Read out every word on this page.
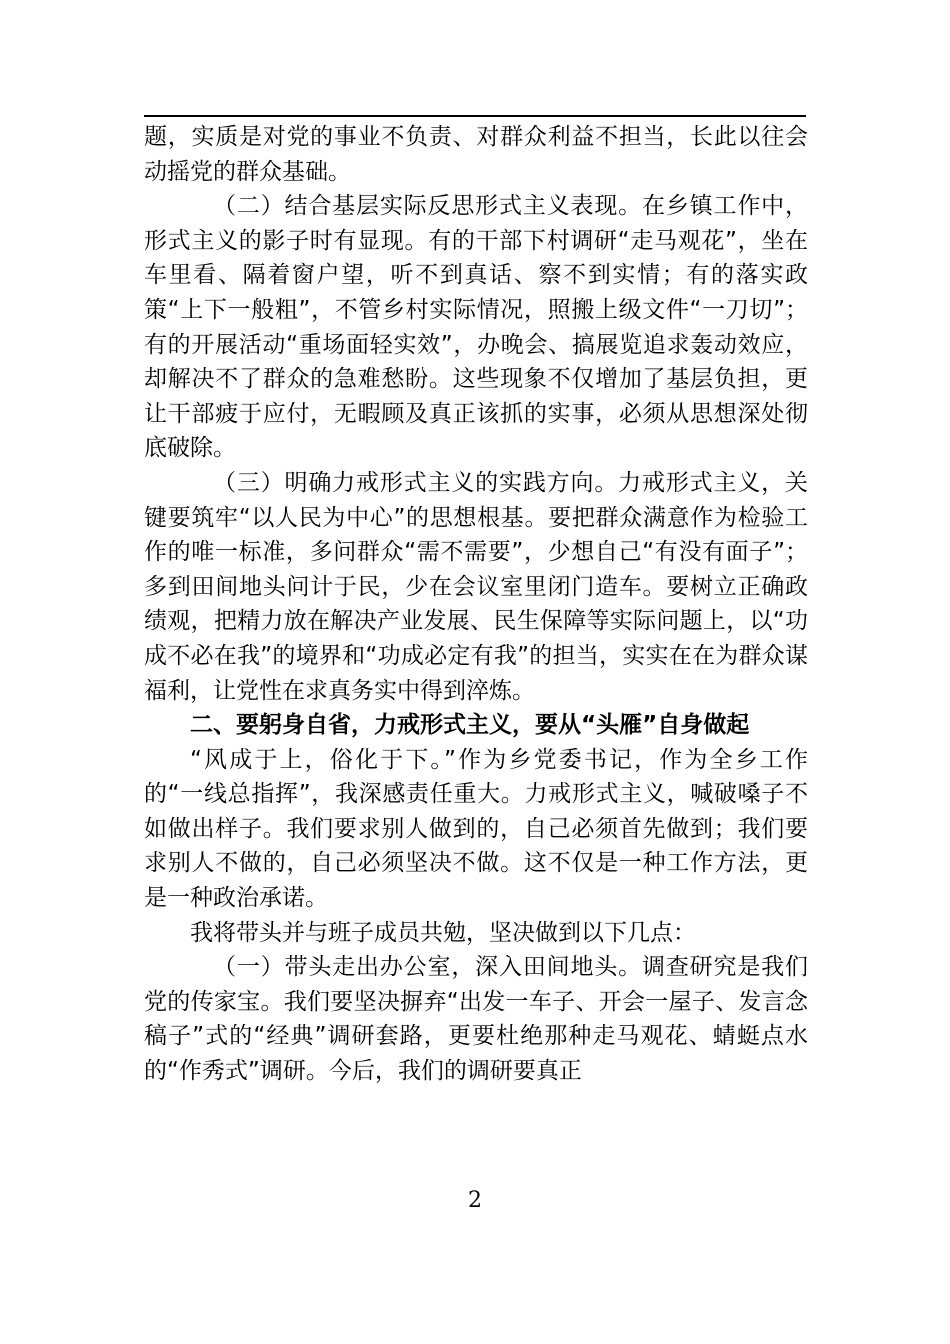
题，实质是对党的事业不负责、对群众利益不担当，长此以往会动摇党的群众基础。

（二）结合基层实际反思形式主义表现。在乡镇工作中，形式主义的影子时有显现。有的干部下村调研“走马观花”，坐在车里看、隔着窗户望，听不到真话、察不到实情；有的落实政策“上下一般粗”，不管乡村实际情况，照搬上级文件“一刀切”；有的开展活动“重场面轻实效”，办晚会、搞展览追求轰动效应，却解决不了群众的急难愁盼。这些现象不仅增加了基层负担，更让干部疲于应付，无暇顾及真正该抓的实事，必须从思想深处彻底破除。

（三）明确力戒形式主义的实践方向。力戒形式主义，关键要筑牢“以人民为中心”的思想根基。要把群众满意作为检验工作的唯一标准，多问群众“需不需要”，少想自己“有没有面子”；多到田间地头问计于民，少在会议室里闭门造车。要树立正确政绩观，把精力放在解决产业发展、民生保障等实际问题上，以“功成不必在我”的境界和“功成必定有我”的担当，实实在在为群众谋福利，让党性在求真务实中得到淬炼。

二、要躬身自省，力戒形式主义，要从“头雁”自身做起

“风成于上，俗化于下。”作为乡党委书记，作为全乡工作的“一线总指挥”，我深感责任重大。力戒形式主义，喊破嗓子不如做出样子。我们要求别人做到的，自己必须首先做到；我们要求别人不做的，自己必须坚决不做。这不仅是一种工作方法，更是一种政治承诺。

我将带头并与班子成员共勉，坚决做到以下几点：

（一）带头走出办公室，深入田间地头。调查研究是我们党的传家宝。我们要坚决摒弃“出发一车子、开会一屋子、发言念稿子”式的“经典”调研套路，更要杜绝那种走马观花、蜻蜓点水的“作秀式”调研。今后，我们的调研要真正

2
